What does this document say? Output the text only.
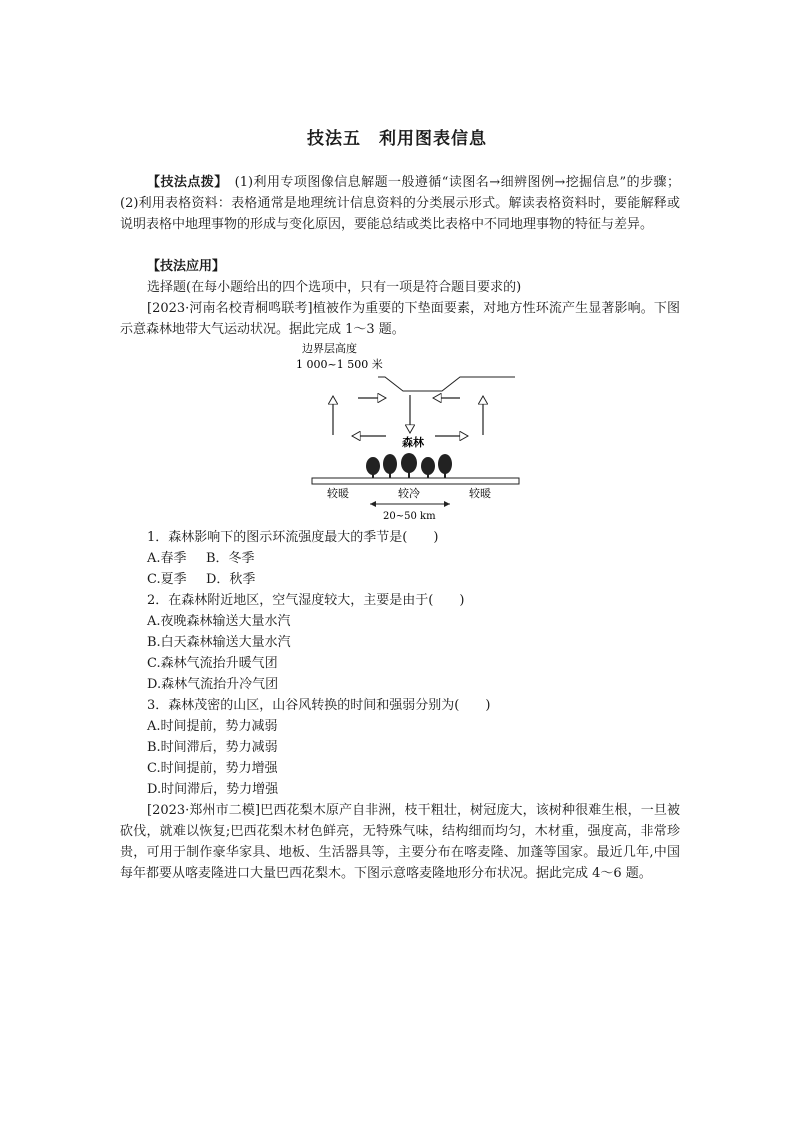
技法五 利用图表信息
【技法点拨】　 (1)利用专项图像信息解题一般遵循“读图名→细辨图例→挖掘信息”的步骤；(2)利用表格资料：表格通常是地理统计信息资料的分类展示形式。解读表格资料时，要能解释或说明表格中地理事物的形成与变化原因，要能总结或类比表格中不同地理事物的特征与差异。
【技法应用】
选择题(在每小题给出的四个选项中，只有一项是符合题目要求的)
[2023·河南名校青桐鸣联考]植被作为重要的下垫面要素，对地方性环流产生显著影响。下图示意森林地带大气运动状况。据此完成 1～3 题。
边界层高度
1 000~1 500 米
森林
较暖	较冷	较暖
20~50 km
1．森林影响下的图示环流强度最大的季节是(　　)
A.春季 B．冬季
C.夏季 D．秋季
2．在森林附近地区，空气湿度较大，主要是由于(　　)
A.夜晚森林输送大量水汽
B.白天森林输送大量水汽
C.森林气流抬升暖气团
D.森林气流抬升冷气团
3．森林茂密的山区，山谷风转换的时间和强弱分别为(　　)
A.时间提前，势力减弱
B.时间滞后，势力减弱
C.时间提前，势力增强
D.时间滞后，势力增强
[2023·郑州市二模]巴西花梨木原产自非洲，枝干粗壮，树冠庞大，该树种很难生根，一旦被砍伐，就难以恢复;巴西花梨木材色鲜亮，无特殊气味，结构细而均匀，木材重，强度高，非常珍贵，可用于制作豪华家具、地板、生活器具等，主要分布在喀麦隆、加蓬等国家。最近几年,中国每年都要从喀麦隆进口大量巴西花梨木。下图示意喀麦隆地形分布状况。据此完成 4～6 题。
